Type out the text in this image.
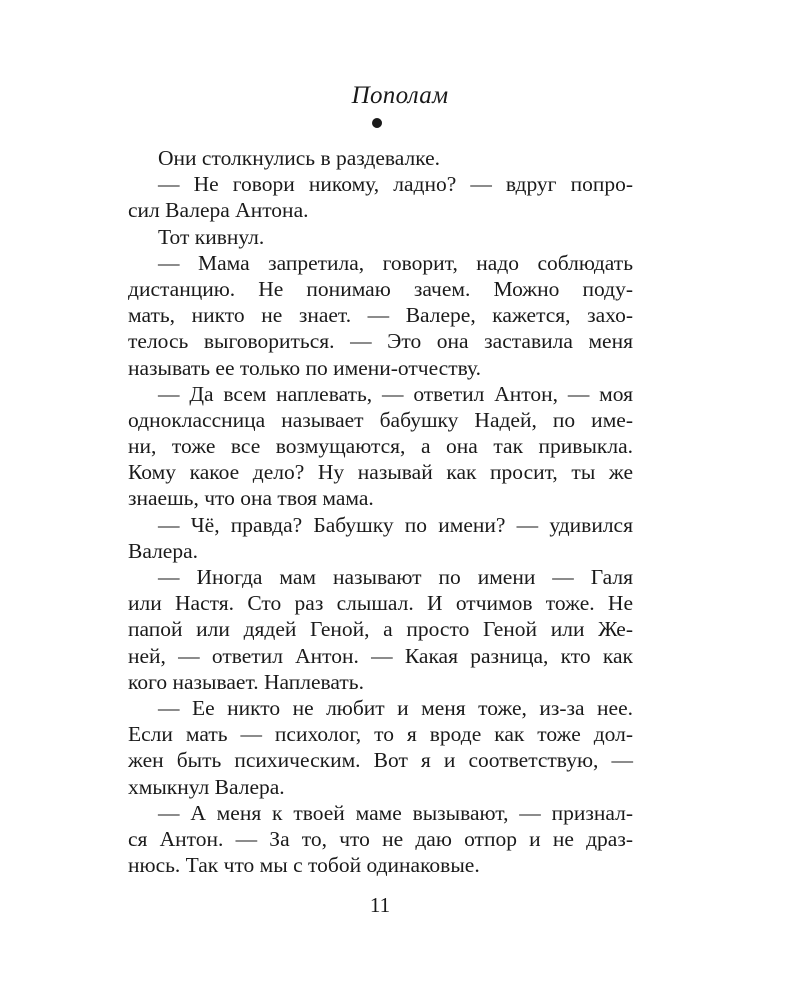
Пополам
Они столкнулись в раздевалке.
— Не говори никому, ладно? — вдруг попро-
сил Валера Антона.
Тот кивнул.
— Мама запретила, говорит, надо соблюдать
дистанцию. Не понимаю зачем. Можно поду-
мать, никто не знает. — Валере, кажется, захо-
телось выговориться. — Это она заставила меня
называть ее только по имени-отчеству.
— Да всем наплевать, — ответил Антон, — моя
одноклассница называет бабушку Надей, по име-
ни, тоже все возмущаются, а она так привыкла.
Кому какое дело? Ну называй как просит, ты же
знаешь, что она твоя мама.
— Чё, правда? Бабушку по имени? — удивился
Валера.
— Иногда мам называют по имени — Галя
или Настя. Сто раз слышал. И отчимов тоже. Не
папой или дядей Геной, а просто Геной или Же-
ней, — ответил Антон. — Какая разница, кто как
кого называет. Наплевать.
— Ее никто не любит и меня тоже, из-за нее.
Если мать — психолог, то я вроде как тоже дол-
жен быть психическим. Вот я и соответствую, —
хмыкнул Валера.
— А меня к твоей маме вызывают, — признал-
ся Антон. — За то, что не даю отпор и не драз-
нюсь. Так что мы с тобой одинаковые.
11
